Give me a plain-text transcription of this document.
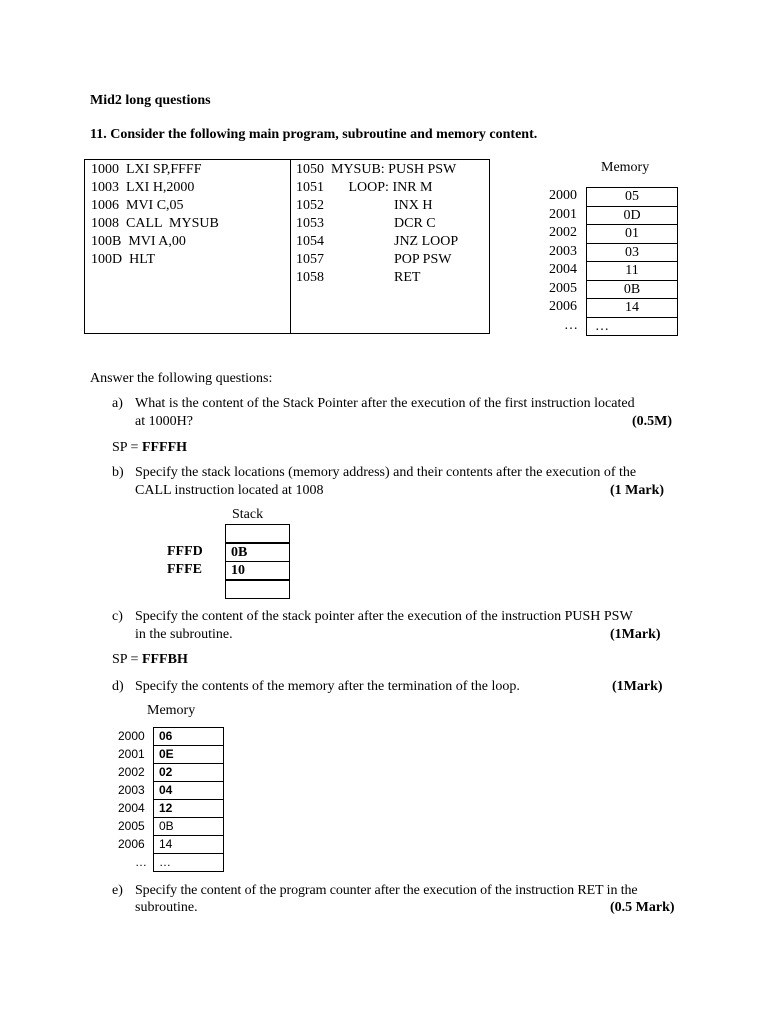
Mid2 long questions
11. Consider the following main program, subroutine and memory content.
1000  LXI SP,FFFF
1003  LXI H,2000
1006  MVI C,05
1008  CALL  MYSUB
100B  MVI A,00
100D  HLT
1050  MYSUB: PUSH PSW
1051       LOOP: INR M
1052                    INX H
1053                    DCR C
1054                    JNZ LOOP
1057                    POP PSW
1058                    RET
Memory
2000	05
2001	0D
2002	01
2003	03
2004	11
2005	0B
2006	14
…	…
Answer the following questions:
a) What is the content of the Stack Pointer after the execution of the first instruction located
at 1000H?	(0.5M)
SP = FFFFH
b) Specify the stack locations (memory address) and their contents after the execution of the
CALL instruction located at 1008	(1 Mark)
Stack
FFFD	0B
FFFE	10
c) Specify the content of the stack pointer after the execution of the instruction PUSH PSW
in the subroutine.	(1Mark)
SP = FFFBH
d) Specify the contents of the memory after the termination of the loop.	(1Mark)
Memory
2000	06
2001	0E
2002	02
2003	04
2004	12
2005	0B
2006	14
…	…
e) Specify the content of the program counter after the execution of the instruction RET in the
subroutine.	(0.5 Mark)
